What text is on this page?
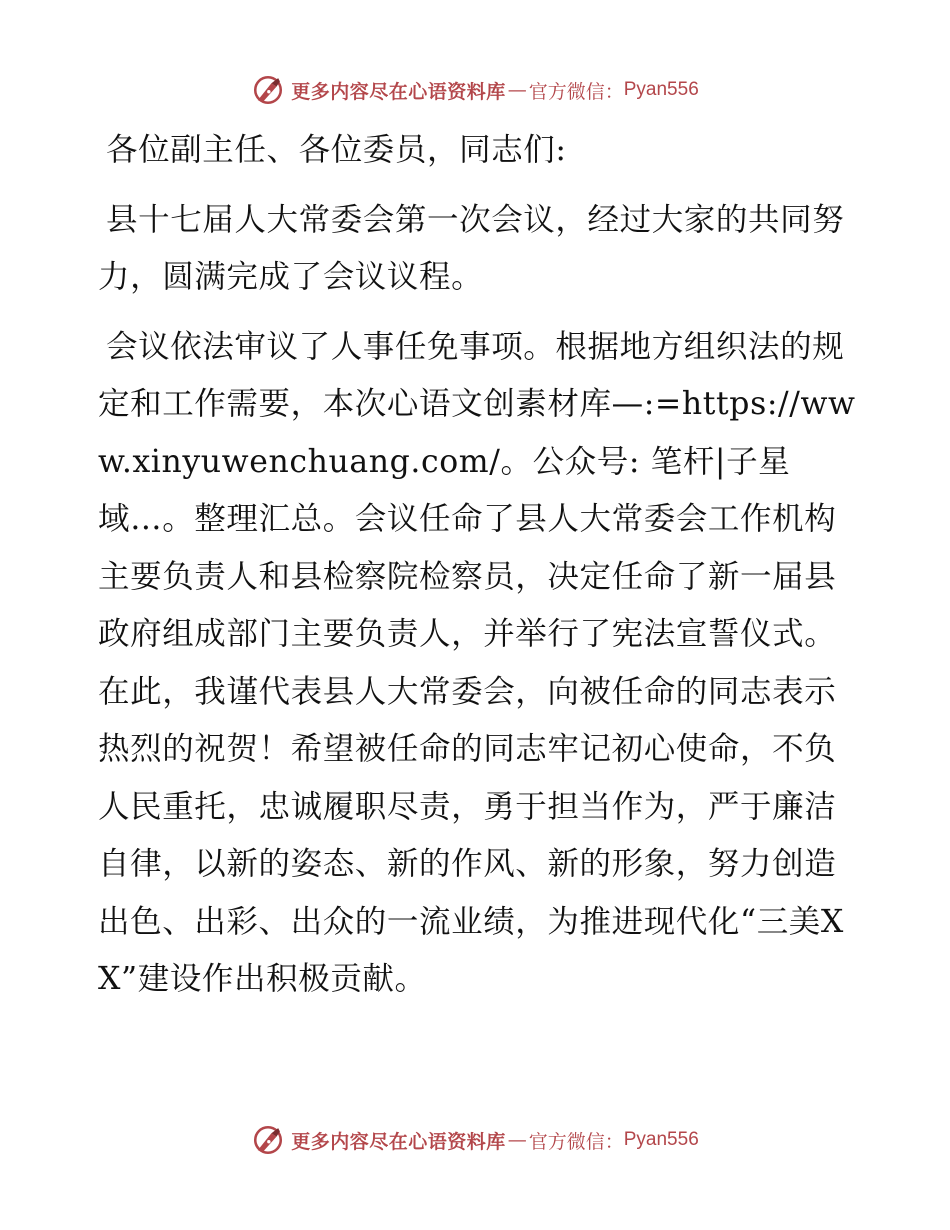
更多内容尽在心语资料库 — 官方微信： Pyan556

各位副主任、各位委员，同志们:

县十七届人大常委会第一次会议，经过大家的共同努力，圆满完成了会议议程。

会议依法审议了人事任免事项。根据地方组织法的规定和工作需要，本次心语文创素材库—:=https://www.xinyuwenchuang.com/。公众号: 笔杆|子星域…。整理汇总。会议任命了县人大常委会工作机构主要负责人和县检察院检察员，决定任命了新一届县政府组成部门主要负责人，并举行了宪法宣誓仪式。在此，我谨代表县人大常委会，向被任命的同志表示热烈的祝贺！希望被任命的同志牢记初心使命，不负人民重托，忠诚履职尽责，勇于担当作为，严于廉洁自律，以新的姿态、新的作风、新的形象，努力创造出色、出彩、出众的一流业绩，为推进现代化“三美XX”建设作出积极贡献。

更多内容尽在心语资料库 — 官方微信： Pyan556
